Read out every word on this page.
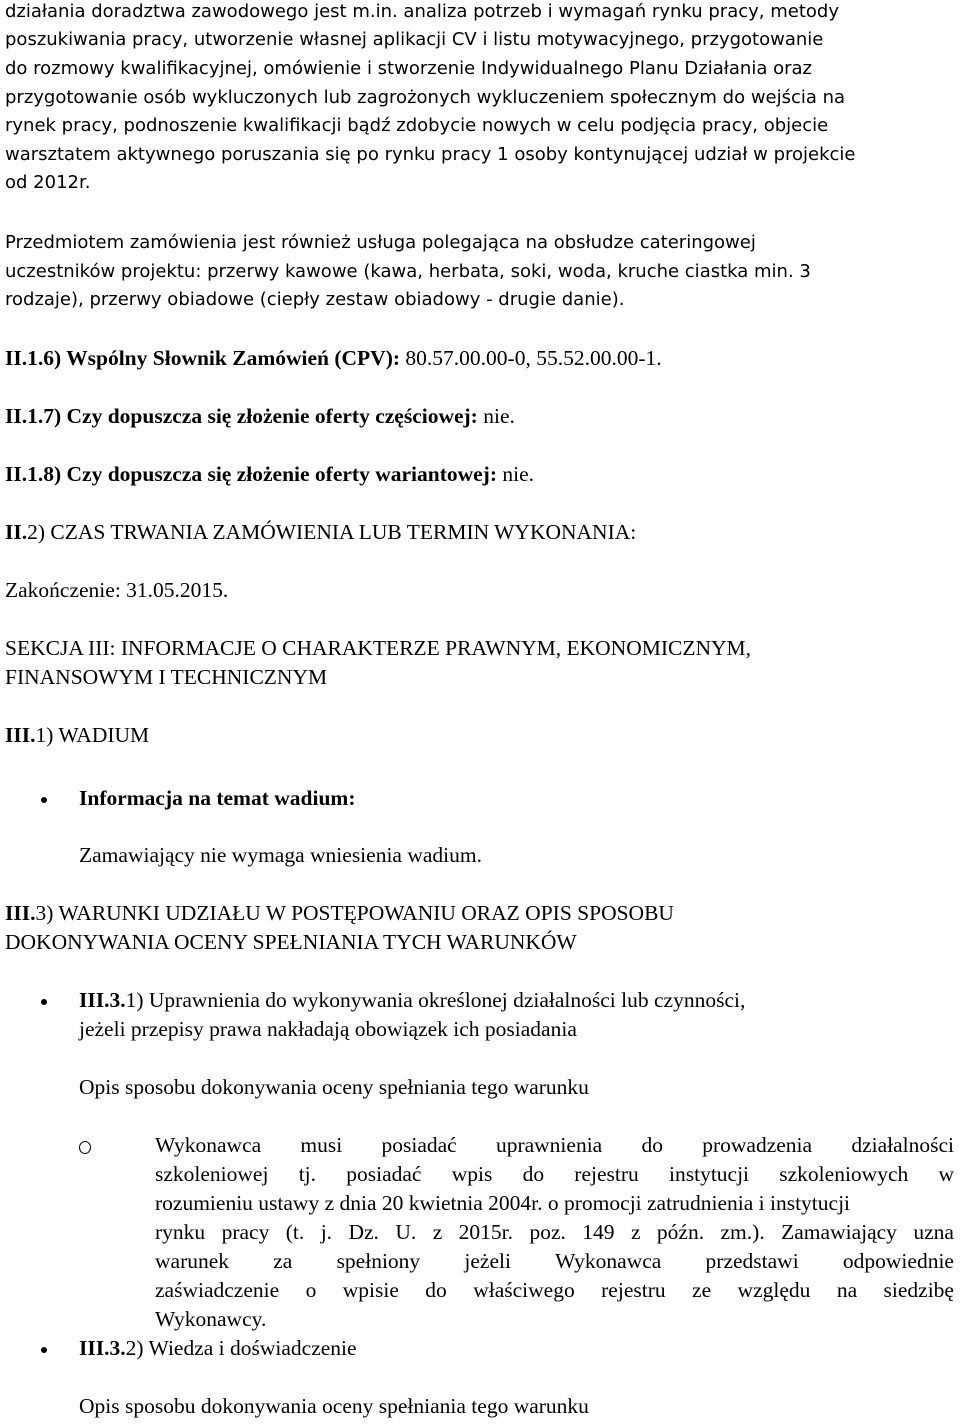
działania doradztwa zawodowego jest m.in. analiza potrzeb i wymagań rynku pracy, metody
poszukiwania pracy, utworzenie własnej aplikacji CV i listu motywacyjnego, przygotowanie
do rozmowy kwalifikacyjnej, omówienie i stworzenie Indywidualnego Planu Działania oraz
przygotowanie osób wykluczonych lub zagrożonych wykluczeniem społecznym do wejścia na
rynek pracy, podnoszenie kwalifikacji bądź zdobycie nowych w celu podjęcia pracy, objecie
warsztatem aktywnego poruszania się po rynku pracy 1 osoby kontynującej udział w projekcie
od 2012r.
Przedmiotem zamówienia jest również usługa polegająca na obsłudze cateringowej
uczestników projektu: przerwy kawowe (kawa, herbata, soki, woda, kruche ciastka min. 3
rodzaje), przerwy obiadowe (ciepły zestaw obiadowy - drugie danie).
II.1.6) Wspólny Słownik Zamówień (CPV): 80.57.00.00-0, 55.52.00.00-1.
II.1.7) Czy dopuszcza się złożenie oferty częściowej: nie.
II.1.8) Czy dopuszcza się złożenie oferty wariantowej: nie.
II.2) CZAS TRWANIA ZAMÓWIENIA LUB TERMIN WYKONANIA:
Zakończenie: 31.05.2015.
SEKCJA III: INFORMACJE O CHARAKTERZE PRAWNYM, EKONOMICZNYM,
FINANSOWYM I TECHNICZNYM
III.1) WADIUM
Informacja na temat wadium:
Zamawiający nie wymaga wniesienia wadium.
III.3) WARUNKI UDZIAŁU W POSTĘPOWANIU ORAZ OPIS SPOSOBU
DOKONYWANIA OCENY SPEŁNIANIA TYCH WARUNKÓW
III.3.1) Uprawnienia do wykonywania określonej działalności lub czynności,
jeżeli przepisy prawa nakładają obowiązek ich posiadania
Opis sposobu dokonywania oceny spełniania tego warunku
Wykonawca musi posiadać uprawnienia do prowadzenia działalności
szkoleniowej tj. posiadać wpis do rejestru instytucji szkoleniowych w
rozumieniu ustawy z dnia 20 kwietnia 2004r. o promocji zatrudnienia i instytucji
rynku pracy (t. j. Dz. U. z 2015r. poz. 149 z późn. zm.). Zamawiający uzna
warunek za spełniony jeżeli Wykonawca przedstawi odpowiednie
zaświadczenie o wpisie do właściwego rejestru ze względu na siedzibę
Wykonawcy.
III.3.2) Wiedza i doświadczenie
Opis sposobu dokonywania oceny spełniania tego warunku
